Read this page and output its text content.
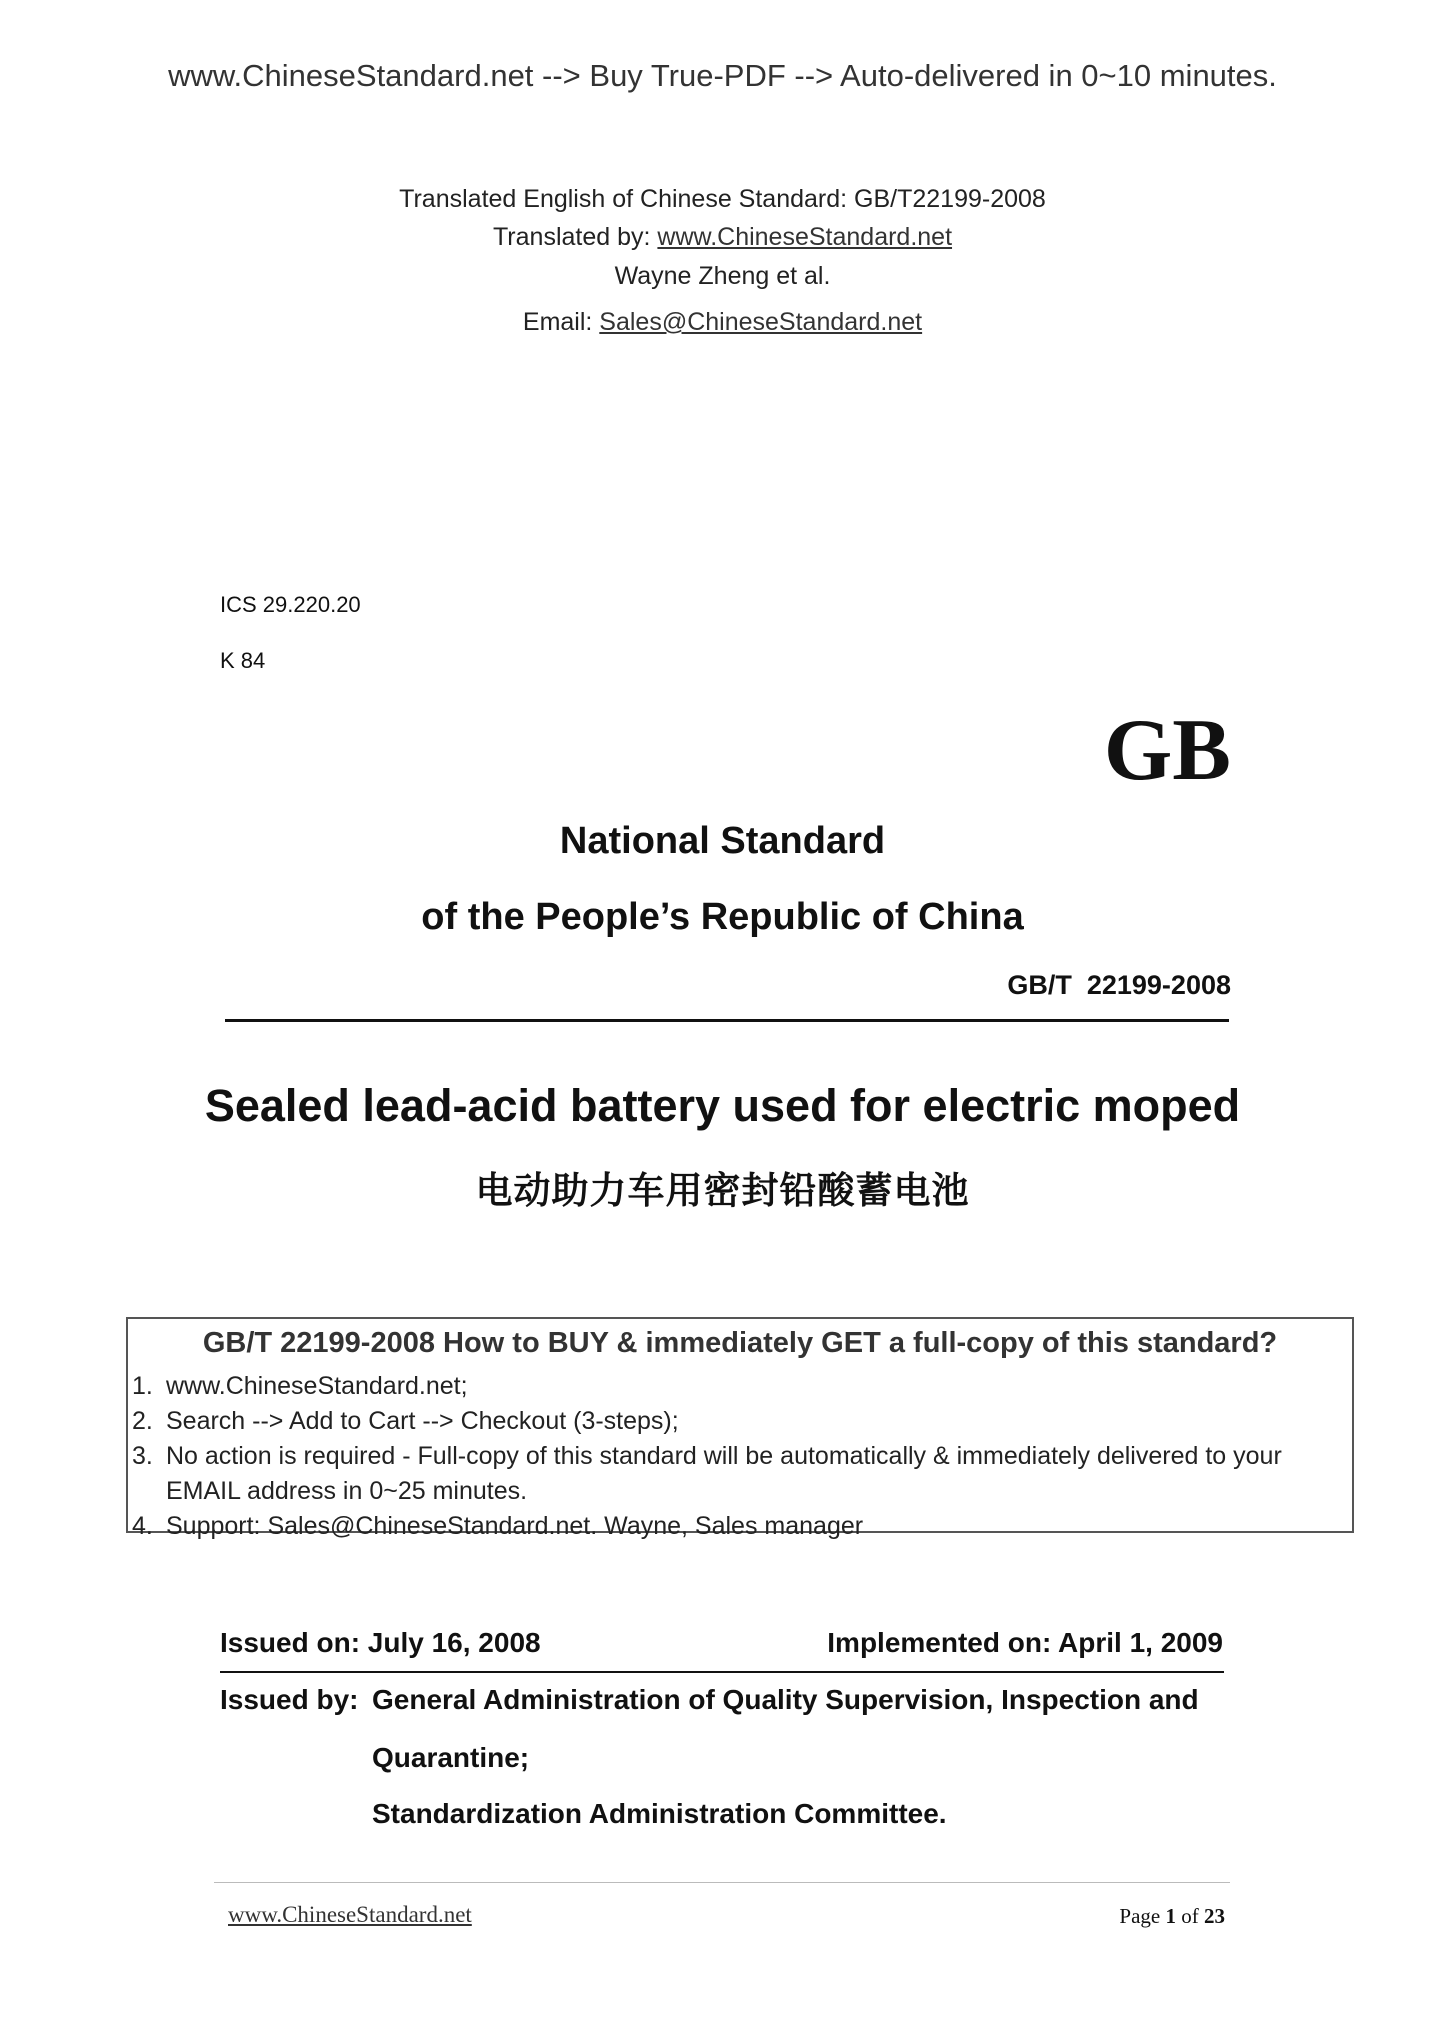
www.ChineseStandard.net --> Buy True-PDF --> Auto-delivered in 0~10 minutes.
Translated English of Chinese Standard: GB/T22199-2008
Translated by: www.ChineseStandard.net
Wayne Zheng et al.
Email: Sales@ChineseStandard.net
ICS 29.220.20
K 84
GB
National Standard
of the People’s Republic of China
GB/T  22199-2008
Sealed lead-acid battery used for electric moped
电动助力车用密封铅酸蓄电池
GB/T 22199-2008 How to BUY & immediately GET a full-copy of this standard?
1. www.ChineseStandard.net;
2. Search --> Add to Cart --> Checkout (3-steps);
3. No action is required - Full-copy of this standard will be automatically & immediately delivered to your EMAIL address in 0~25 minutes.
4. Support: Sales@ChineseStandard.net. Wayne, Sales manager
Issued on: July 16, 2008	Implemented on: April 1, 2009
Issued by: General Administration of Quality Supervision, Inspection and
Quarantine;
Standardization Administration Committee.
www.ChineseStandard.net	Page 1 of 23
